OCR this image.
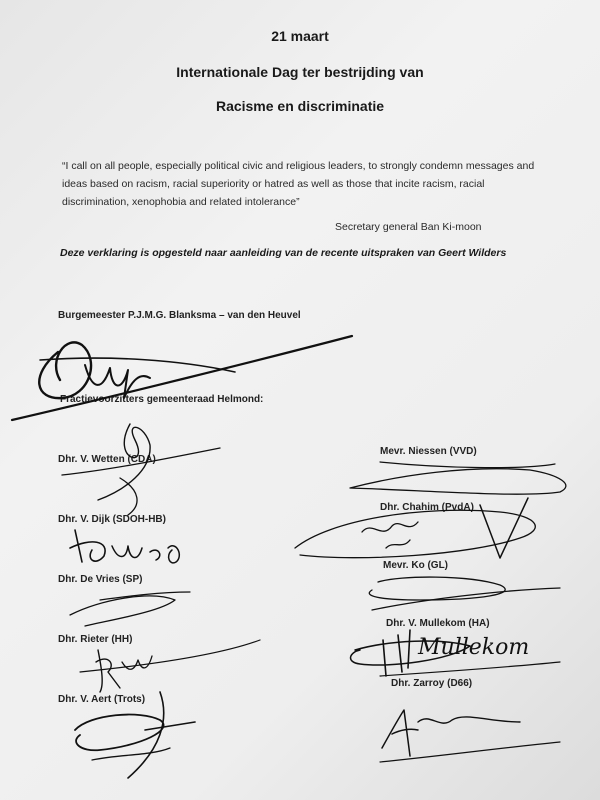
21 maart
Internationale Dag ter bestrijding van
Racisme en discriminatie
“I call on all people, especially political civic and religious leaders, to strongly condemn messages and
ideas based on racism, racial superiority or hatred as well as those that incite racism, racial
discrimination, xenophobia and related intolerance”
Secretary general Ban Ki-moon
Deze verklaring is opgesteld naar aanleiding van de recente uitspraken van Geert Wilders
Burgemeester P.J.M.G. Blanksma – van den Heuvel
Fractievoorzitters gemeenteraad Helmond:
Dhr. V. Wetten (CDA)
Dhr. V. Dijk (SDOH-HB)
Dhr. De Vries (SP)
Dhr. Rieter (HH)
Dhr. V. Aert (Trots)
Mevr. Niessen (VVD)
Dhr. Chahim (PvdA)
Mevr. Ko (GL)
Dhr. V. Mullekom (HA)
Dhr. Zarroy (D66)
Mullekom
